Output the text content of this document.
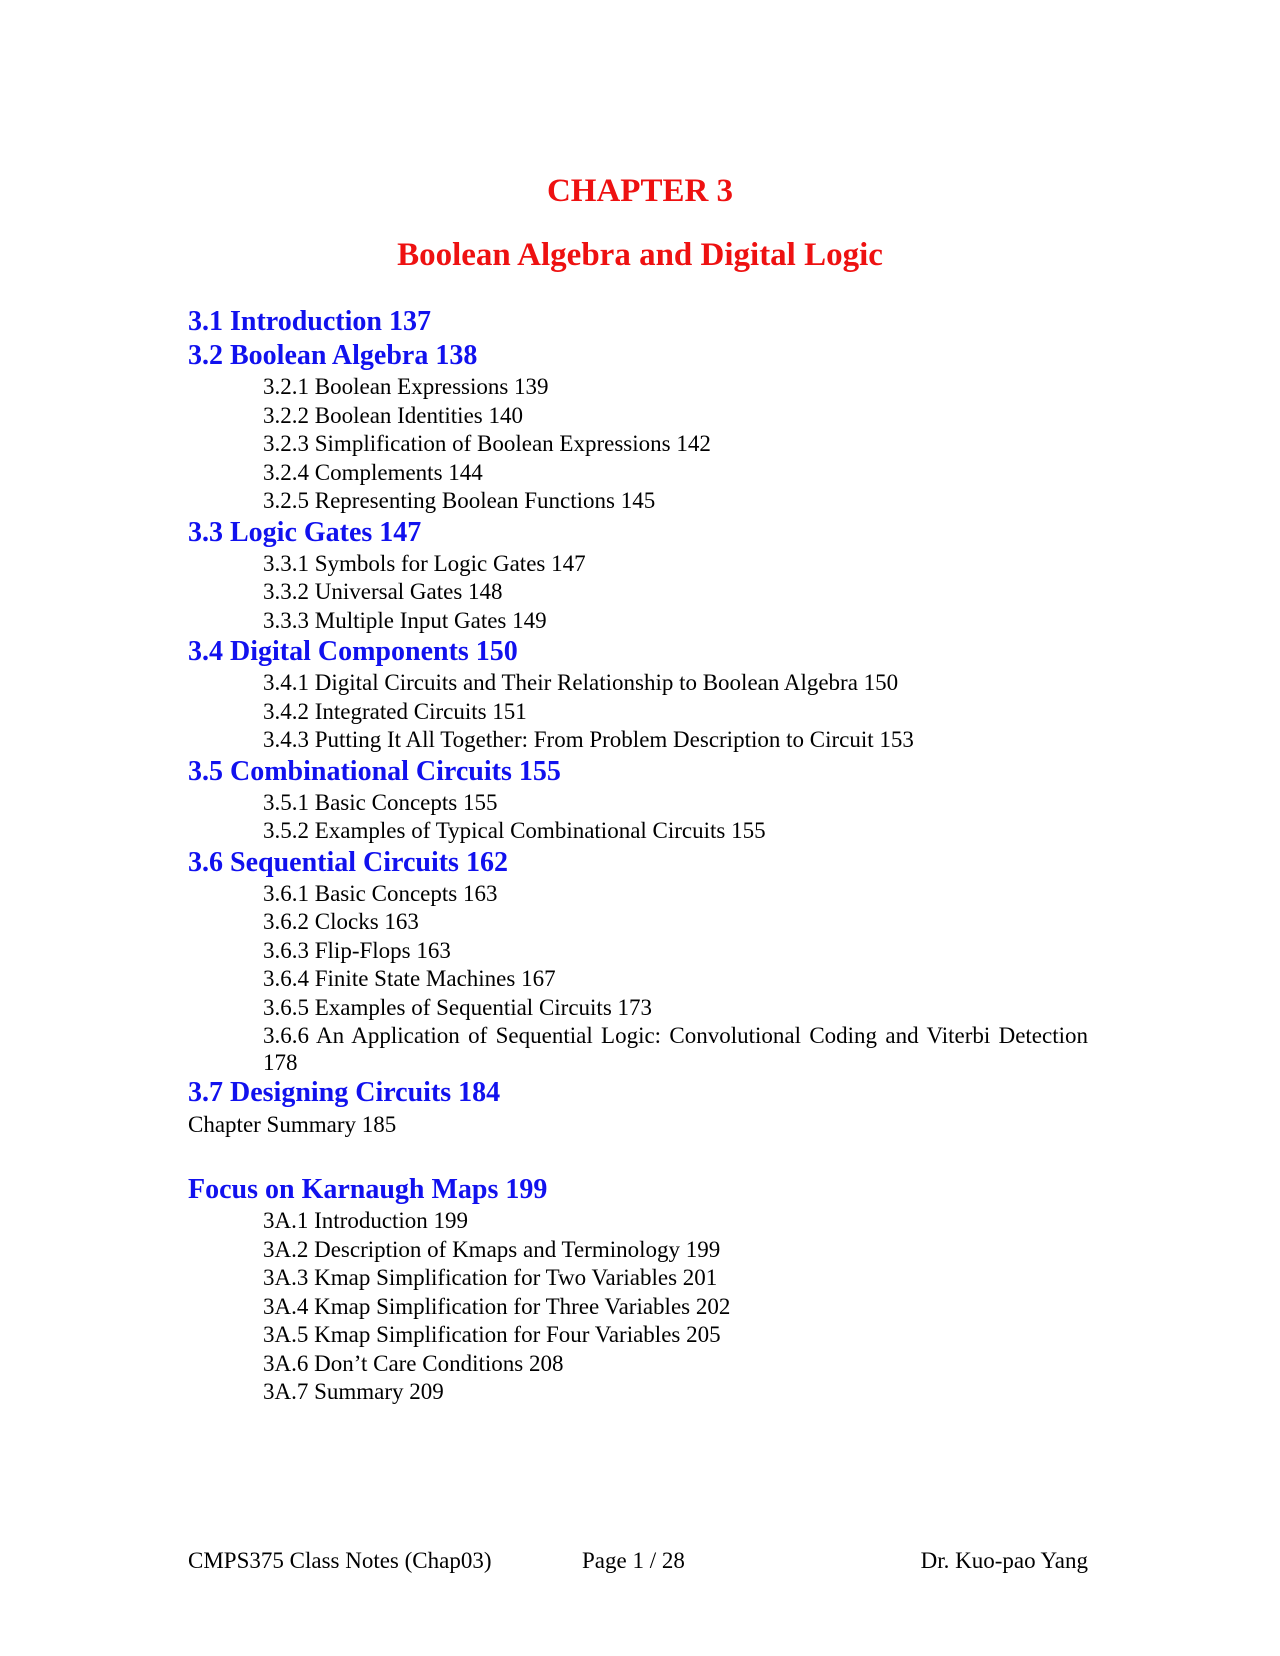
CHAPTER 3
Boolean Algebra and Digital Logic
3.1 Introduction 137
3.2 Boolean Algebra 138
3.2.1 Boolean Expressions 139
3.2.2 Boolean Identities 140
3.2.3 Simplification of Boolean Expressions 142
3.2.4 Complements 144
3.2.5 Representing Boolean Functions 145
3.3 Logic Gates 147
3.3.1 Symbols for Logic Gates 147
3.3.2 Universal Gates 148
3.3.3 Multiple Input Gates 149
3.4 Digital Components 150
3.4.1 Digital Circuits and Their Relationship to Boolean Algebra 150
3.4.2 Integrated Circuits 151
3.4.3 Putting It All Together: From Problem Description to Circuit 153
3.5 Combinational Circuits 155
3.5.1 Basic Concepts 155
3.5.2 Examples of Typical Combinational Circuits 155
3.6 Sequential Circuits 162
3.6.1 Basic Concepts 163
3.6.2 Clocks 163
3.6.3 Flip-Flops 163
3.6.4 Finite State Machines 167
3.6.5 Examples of Sequential Circuits 173
3.6.6 An Application of Sequential Logic: Convolutional Coding and Viterbi Detection 178
3.7 Designing Circuits 184
Chapter Summary 185
Focus on Karnaugh Maps 199
3A.1 Introduction 199
3A.2 Description of Kmaps and Terminology 199
3A.3 Kmap Simplification for Two Variables 201
3A.4 Kmap Simplification for Three Variables 202
3A.5 Kmap Simplification for Four Variables 205
3A.6 Don’t Care Conditions 208
3A.7 Summary 209
CMPS375 Class Notes (Chap03)	Page 1 / 28	Dr. Kuo-pao Yang
